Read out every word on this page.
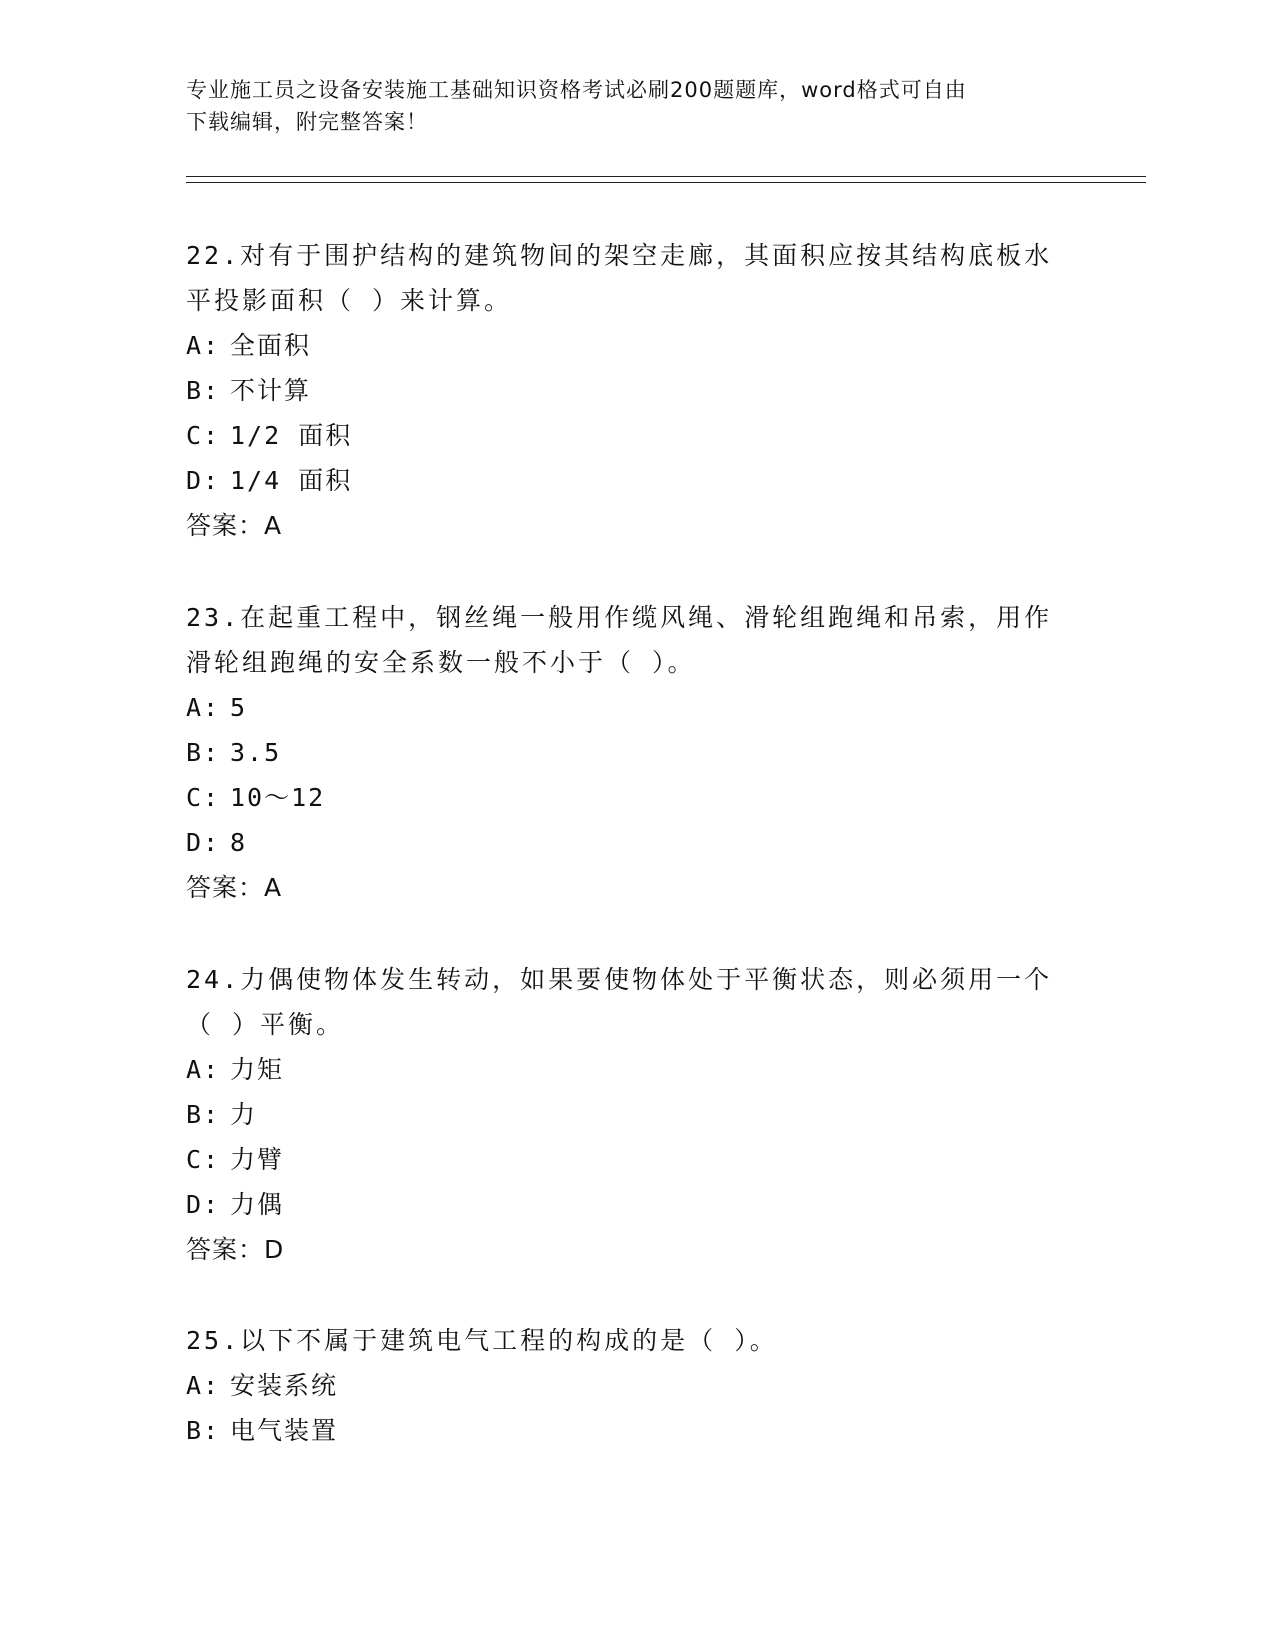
专业施工员之设备安装施工基础知识资格考试必刷200题题库，word格式可自由
下载编辑，附完整答案！
22.对有于围护结构的建筑物间的架空走廊，其面积应按其结构底板水
平投影面积（ ）来计算。
A: 全面积
B: 不计算
C: 1/2 面积
D: 1/4 面积
答案：A
23.在起重工程中，钢丝绳一般用作缆风绳、滑轮组跑绳和吊索，用作
滑轮组跑绳的安全系数一般不小于（ ）。
A: 5
B: 3.5
C: 10～12
D: 8
答案：A
24.力偶使物体发生转动，如果要使物体处于平衡状态，则必须用一个
（ ）平衡。
A: 力矩
B: 力
C: 力臂
D: 力偶
答案：D
25.以下不属于建筑电气工程的构成的是（ ）。
A: 安装系统
B: 电气装置
